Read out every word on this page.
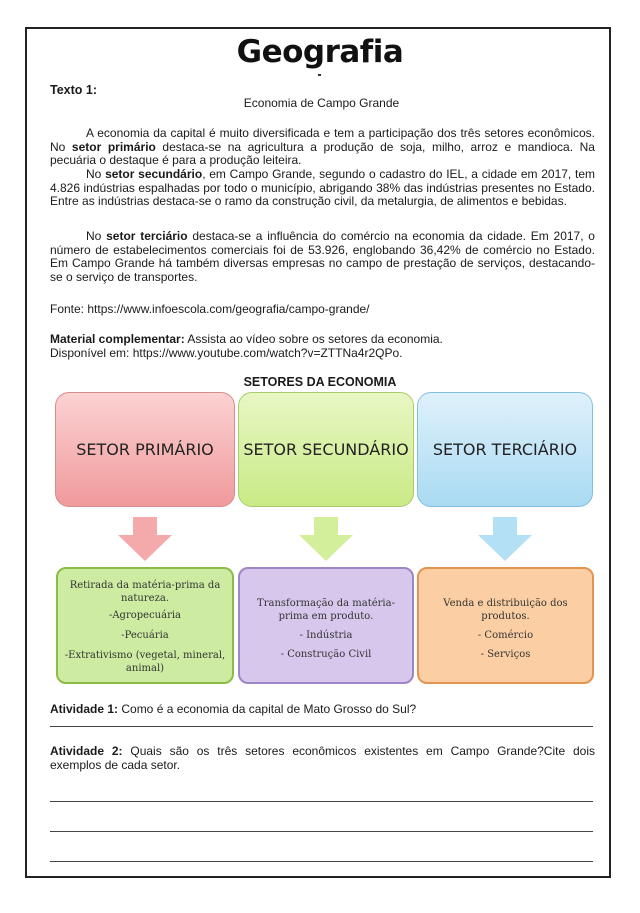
Geografia
Texto 1:
Economia de Campo Grande
A economia da capital é muito diversificada e tem a participação dos três setores econômicos. No setor primário destaca-se na agricultura a produção de soja, milho, arroz e mandioca. Na pecuária o destaque é para a produção leiteira.
No setor secundário, em Campo Grande, segundo o cadastro do IEL, a cidade em 2017, tem 4.826 indústrias espalhadas por todo o município, abrigando 38% das indústrias presentes no Estado. Entre as indústrias destaca-se o ramo da construção civil, da metalurgia, de alimentos e bebidas.
No setor terciário destaca-se a influência do comércio na economia da cidade. Em 2017, o número de estabelecimentos comerciais foi de 53.926, englobando 36,42% de comércio no Estado. Em Campo Grande há também diversas empresas no campo de prestação de serviços, destacando-se o serviço de transportes.
Fonte: https://www.infoescola.com/geografia/campo-grande/
Material complementar: Assista ao vídeo sobre os setores da economia.
Disponível em: https://www.youtube.com/watch?v=ZTTNa4r2QPo.
SETORES DA ECONOMIA
SETOR PRIMÁRIO SETOR SECUNDÁRIO SETOR TERCIÁRIO
Retirada da matéria-prima da
natureza.
-Agropecuária
-Pecuária
-Extrativismo (vegetal, mineral,
animal)
Transformação da matéria-
prima em produto.
- Indústria
- Construção Civil
Venda e distribuição dos
produtos.
- Comércio
- Serviços
Atividade 1: Como é a economia da capital de Mato Grosso do Sul?
Atividade 2: Quais são os três setores econômicos existentes em Campo Grande?Cite dois exemplos de cada setor.
